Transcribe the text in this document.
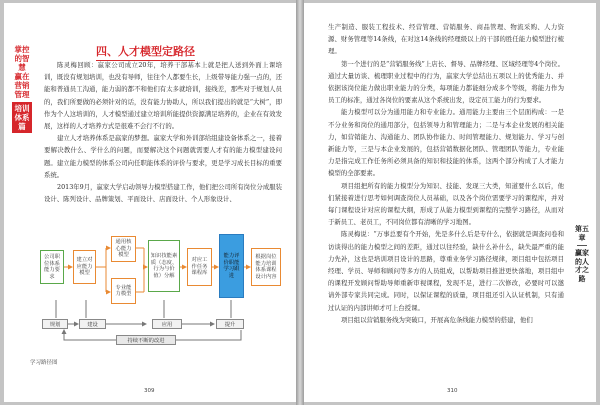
掌控的智慧
赢在营销管理
培训体系篇
四、人才模型定路径

陈灵梅回顾：嬴家公司成立20年，培养干部基本上就是把人送到外面上课培训，既没有规划培训，也没有导师，往往个人都要生长，上级带导能力强一点的，还能和普通员工沟通，能力弱的都不和他们有太多就培训，接线差，那些对于规划人员的，我们所要做的必须针对的话，没有能力协助人，所以我们提出的就是“大树”，即作为个人这培训的，人才模型通过建立培训所能提供资源满足培养的，企业在有效发展，这样的人才培养方式是很难不会行不行的。

建立人才培养体系是嬴家的梦想。嬴家大学和外训部给组建设备体系之一，接着要解决教什么、学什么的问题，而要解决这个问题就需要人才有的能力模型建设问题。建立能力模型的体系公司向任职能体系的评价与要求，更是学习成长目标的重要系统。

2013年9月，嬴家大学启动领导力模型搭建工作，他们把公司所有岗位分成服装设计、陈列设计、品牌策划、平面设计、店面设计、个人形象设计、

公司职位体系能力要求
建立对应能力模型
通用核心能力模型
专业能力模型
知识技能素质（态度、行为与价值）分解
对应工作任务课程库
能力评价职能学习跟进
根据岗位能力培训体系课程设计内容
规划	建设	应用	提升
持续不断的改进
学习路径图
309

生产制造、服装工程技术、经营管理、营销服务、商品管理、物流采购、人力资源、财务管理等14条线，在对这14条线的经理级以上的干部的胜任能力模型进行梳理。

第一个进行的是“营销服务线”上店长、督导、品牌经理、区域经理等4个岗位。通过大量访谈、梳理职业过程中的行为，嬴家大学总结出五项以上的优秀能力、并依据该岗位能力做出职业能力的分类，每项能力都能细分成多个等级，将能力作为员工的标准，通过各岗位的要素从这个系统出发，设定员工能力的行为要求。

能力模型可以分为通用能力和专业能力。通用能力主要由三个层面构成：一是不分业务和岗位的通用部分，包括领导力和管理能力；二是与本企业发展的相关能力，如营销能力、沟通能力、团队协作能力、时间管理能力、规划能力、学习与创新能力等，三是与本企业发展的，包括营销数据化团队、管理团队等能力，专业能力是指完成工作任务所必须具备的知识和技能的体系，这两个部分构成了人才能力模型的全部要素。

项目组把所有的能力模型分为知识、技能、发现三大类，知道要什么以后，他们紧接着进行思考如何调查岗位人员基础，以及各个岗位需要学习的课程库，并对每门课程设计对应的课程大纲，形成了从能力模型到课程的完整学习路径，从而对于新员工、老员工，不同岗位都有清晰的学习地图。

陈灵梅说：“万事总要有个开始，先是多什么后是专什么，依据就是调查问卷和访谈得出的能力模型之间的差距，通过以往经验，缺什么补什么，缺失最严重的能力先补，这也是培训项目设计的思路，尊重业务学习路径规律，项目组中包括项目经理、学员、导师和顾问等多方的人员组成，以帮助项目推进更快落地，项目组中的课程开发顾问帮助导师重新审视课程，发现不足，进行二次修改，必要时可以邀请外部专家共同完成。同时，以保证课程的质量，项目组还引入认证机制，只有通过认证的内部讲师才可上台授课。

项目组以营销服务线为突破口，开展高危条线能力模型的搭建，他们

第五章
赢家的人才之路
310
